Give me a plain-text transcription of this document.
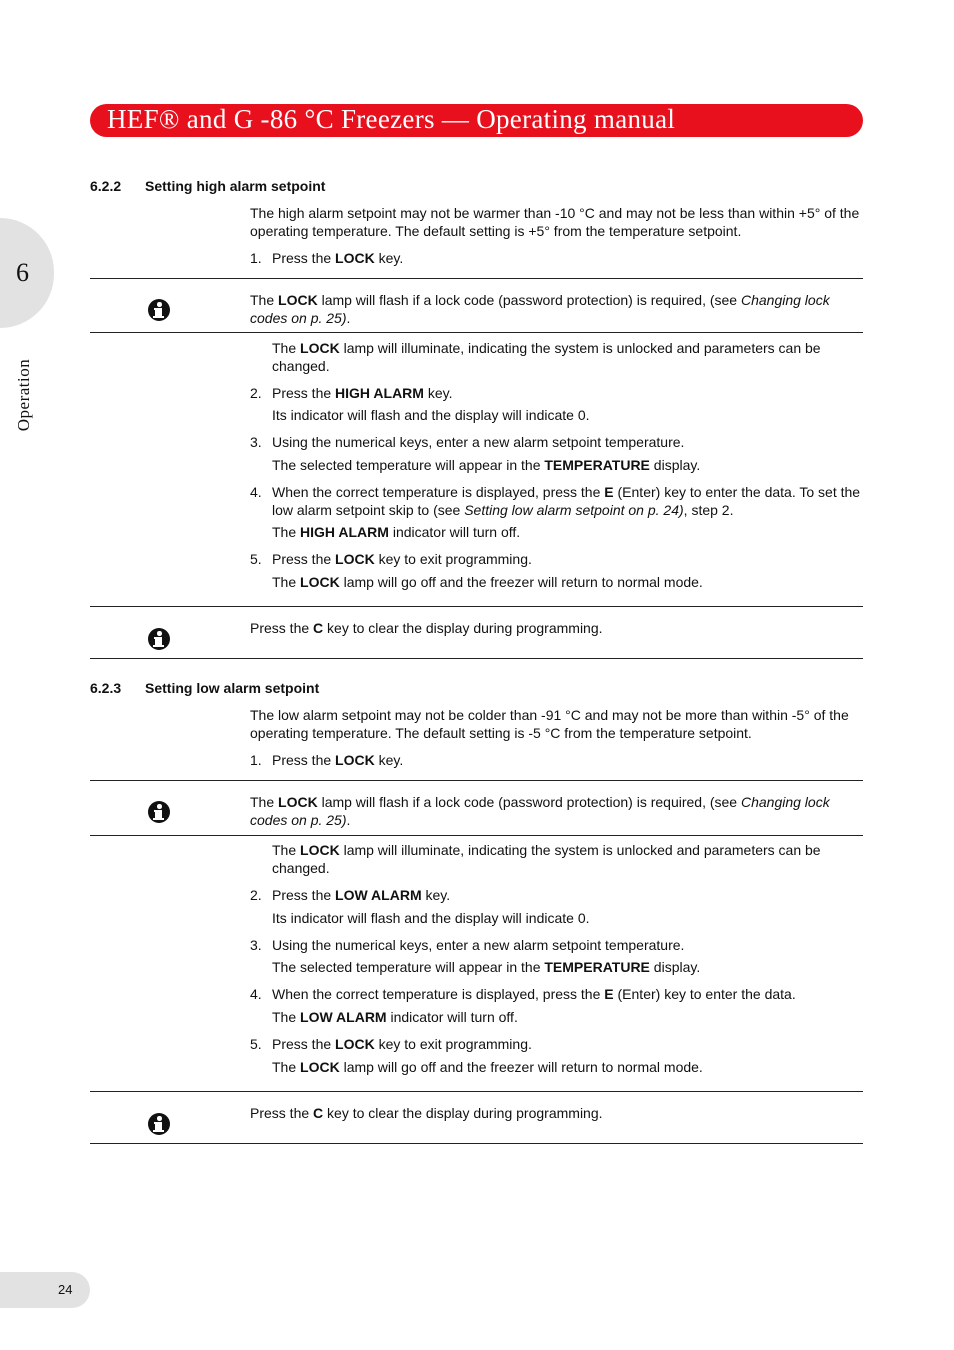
HEF® and G -86 °C Freezers — Operating manual
6
Operation
6.2.2 Setting high alarm setpoint
The high alarm setpoint may not be warmer than -10 °C and may not be less than within +5° of the operating temperature. The default setting is +5° from the temperature setpoint.
1. Press the LOCK key.
The LOCK lamp will flash if a lock code (password protection) is required, (see Changing lock codes on p. 25).
The LOCK lamp will illuminate, indicating the system is unlocked and parameters can be changed.
2. Press the HIGH ALARM key.
Its indicator will flash and the display will indicate 0.
3. Using the numerical keys, enter a new alarm setpoint temperature.
The selected temperature will appear in the TEMPERATURE display.
4. When the correct temperature is displayed, press the E (Enter) key to enter the data. To set the low alarm setpoint skip to (see Setting low alarm setpoint on p. 24), step 2.
The HIGH ALARM indicator will turn off.
5. Press the LOCK key to exit programming.
The LOCK lamp will go off and the freezer will return to normal mode.
Press the C key to clear the display during programming.
6.2.3 Setting low alarm setpoint
The low alarm setpoint may not be colder than -91 °C and may not be more than within -5° of the operating temperature. The default setting is -5 °C from the temperature setpoint.
1. Press the LOCK key.
The LOCK lamp will flash if a lock code (password protection) is required, (see Changing lock codes on p. 25).
The LOCK lamp will illuminate, indicating the system is unlocked and parameters can be changed.
2. Press the LOW ALARM key.
Its indicator will flash and the display will indicate 0.
3. Using the numerical keys, enter a new alarm setpoint temperature.
The selected temperature will appear in the TEMPERATURE display.
4. When the correct temperature is displayed, press the E (Enter) key to enter the data.
The LOW ALARM indicator will turn off.
5. Press the LOCK key to exit programming.
The LOCK lamp will go off and the freezer will return to normal mode.
Press the C key to clear the display during programming.
24
